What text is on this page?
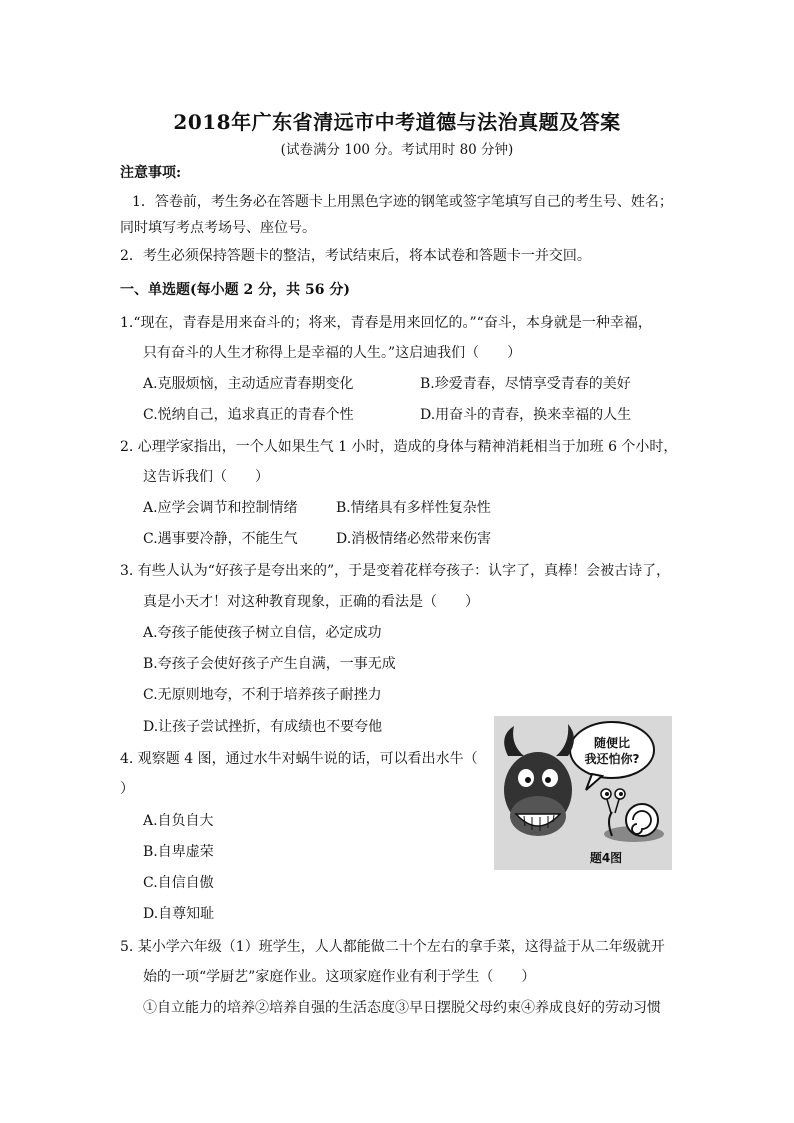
2018年广东省清远市中考道德与法治真题及答案
(试卷满分 100 分。考试用时 80 分钟)
注意事项:
1．答卷前，考生务必在答题卡上用黑色字迹的钢笔或签字笔填写自己的考生号、姓名；
同时填写考点考场号、座位号。
2．考生必须保持答题卡的整洁，考试结束后，将本试卷和答题卡一并交回。
一、单选题(每小题 2 分，共 56 分)
1.“现在，青春是用来奋斗的；将来，青春是用来回忆的。”“奋斗，本身就是一种幸福，
只有奋斗的人生才称得上是幸福的人生。”这启迪我们（　　）
A.克服烦恼，主动适应青春期变化	B.珍爱青春，尽情享受青春的美好
C.悦纳自己，追求真正的青春个性	D.用奋斗的青春，换来幸福的人生
2. 心理学家指出，一个人如果生气 1 小时，造成的身体与精神消耗相当于加班 6 个小时，
这告诉我们（　　）
A.应学会调节和控制情绪	B.情绪具有多样性复杂性
C.遇事要冷静，不能生气	D.消极情绪必然带来伤害
3. 有些人认为“好孩子是夸出来的”，于是变着花样夸孩子：认字了，真棒！会被古诗了，
真是小天才！对这种教育现象，正确的看法是（　　）
A.夸孩子能使孩子树立自信，必定成功
B.夸孩子会使好孩子产生自满，一事无成
C.无原则地夸，不利于培养孩子耐挫力
D.让孩子尝试挫折，有成绩也不要夸他
4. 观察题 4 图，通过水牛对蜗牛说的话，可以看出水牛（
）
A.自负自大
B.自卑虚荣
C.自信自傲
D.自尊知耻
随便比
我还怕你?
题4图
5. 某小学六年级（1）班学生，人人都能做二十个左右的拿手菜，这得益于从二年级就开
始的一项“学厨艺”家庭作业。这项家庭作业有利于学生（　　）
①自立能力的培养②培养自强的生活态度③早日摆脱父母约束④养成良好的劳动习惯
